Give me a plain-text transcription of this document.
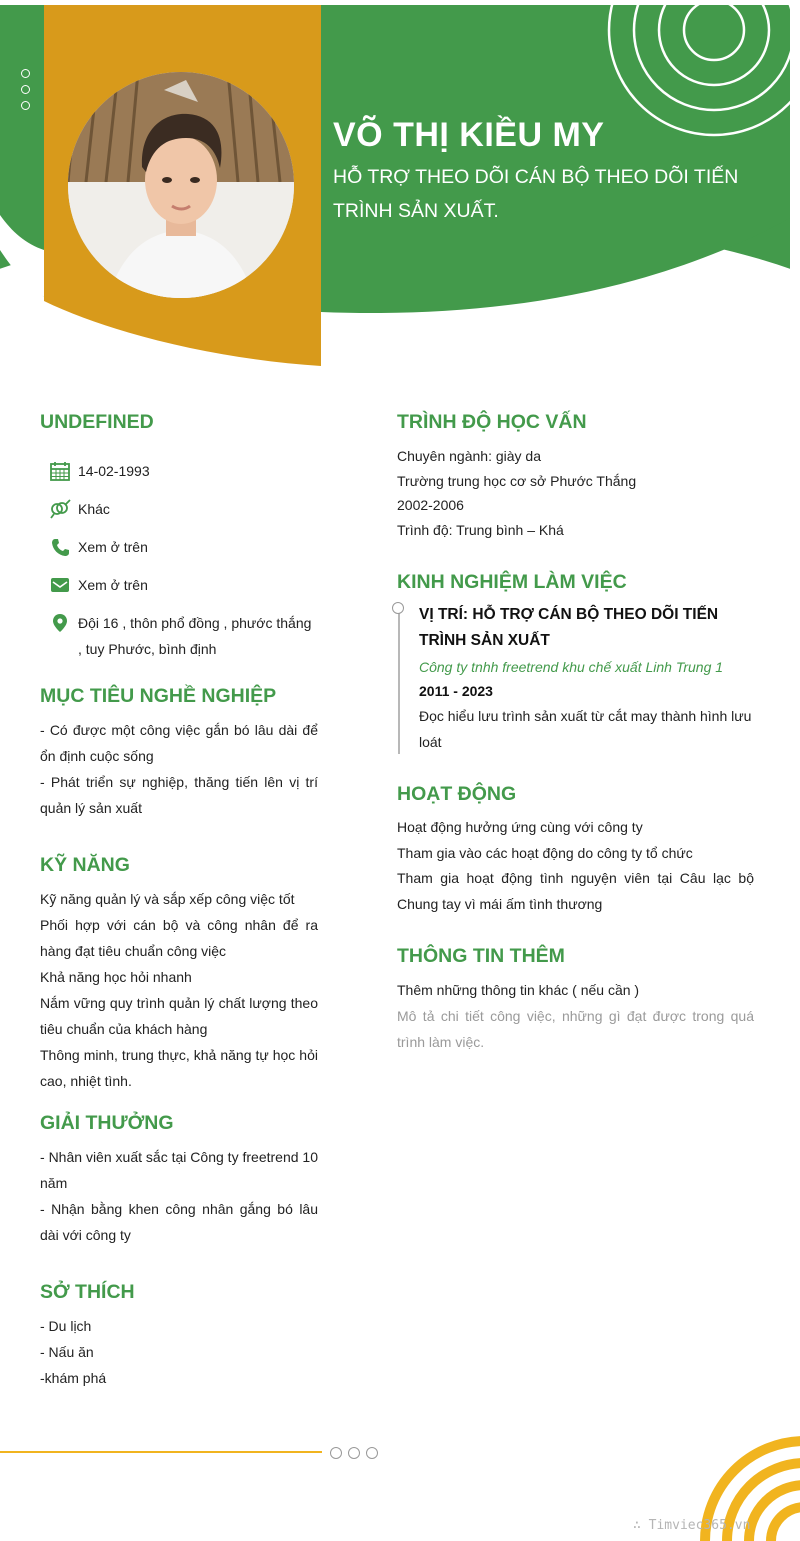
VÕ THỊ KIỀU MY
HỖ TRỢ THEO DÕI CÁN BỘ THEO DÕI TIẾN TRÌNH SẢN XUẤT.
UNDEFINED
14-02-1993
Khác
Xem ở trên
Xem ở trên
Đội 16 , thôn phổ đồng , phước thắng , tuy Phước, bình định
MỤC TIÊU NGHỀ NGHIỆP
- Có được một công việc gắn bó lâu dài để ổn định cuộc sống
- Phát triển sự nghiệp, thăng tiến lên vị trí quản lý sản xuất
KỸ NĂNG
Kỹ năng quản lý và sắp xếp công việc tốt
Phối hợp với cán bộ và công nhân để ra hàng đạt tiêu chuẩn công việc
Khả năng học hỏi nhanh
Nắm vững quy trình quản lý chất lượng theo tiêu chuẩn của khách hàng
Thông minh, trung thực, khả năng tự học hỏi cao, nhiệt tình.
GIẢI THƯỞNG
- Nhân viên xuất sắc tại Công ty freetrend 10 năm
- Nhận bằng khen công nhân gắng bó lâu dài với công ty
SỞ THÍCH
- Du lịch
- Nấu ăn
-khám phá
TRÌNH ĐỘ HỌC VẤN
Chuyên ngành: giày da
Trường trung học cơ sở Phước Thắng
2002-2006
Trình độ: Trung bình – Khá
KINH NGHIỆM LÀM VIỆC
VỊ TRÍ: HỖ TRỢ CÁN BỘ THEO DÕI TIẾN TRÌNH SẢN XUẤT
Công ty tnhh freetrend khu chế xuất Linh Trung 1
2011 - 2023
Đọc hiểu lưu trình sản xuất từ cắt may thành hình lưu loát
HOẠT ĐỘNG
Hoạt động hưởng ứng cùng với công ty
Tham gia vào các hoạt động do công ty tổ chức
Tham gia hoạt động tình nguyện viên tại Câu lạc bộ Chung tay vì mái ấm tình thương
THÔNG TIN THÊM
Thêm những thông tin khác ( nếu cần )
Mô tả chi tiết công việc, những gì đạt được trong quá trình làm việc.
∴ Timviec365.vn
